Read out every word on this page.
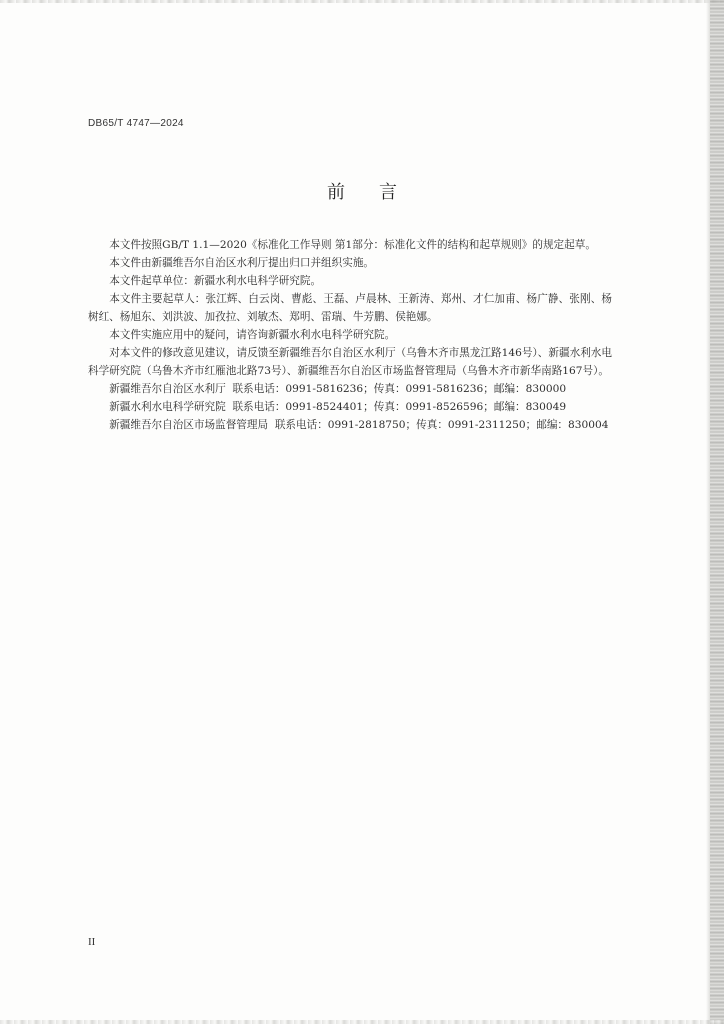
DB65/T 4747—2024
前言

本文件按照GB/T 1.1—2020《标准化工作导则 第1部分：标准化文件的结构和起草规则》的规定起草。

本文件由新疆维吾尔自治区水利厅提出归口并组织实施。

本文件起草单位：新疆水利水电科学研究院。

本文件主要起草人：张江辉、白云岗、曹彪、王磊、卢晨林、王新涛、郑州、才仁加甫、杨广静、张刚、杨树红、杨旭东、刘洪波、加孜拉、刘敏杰、郑明、雷瑞、牛芳鹏、侯艳娜。

本文件实施应用中的疑问，请咨询新疆水利水电科学研究院。

对本文件的修改意见建议，请反馈至新疆维吾尔自治区水利厅（乌鲁木齐市黑龙江路146号）、新疆水利水电科学研究院（乌鲁木齐市红雁池北路73号）、新疆维吾尔自治区市场监督管理局（乌鲁木齐市新华南路167号）。

新疆维吾尔自治区水利厅 联系电话：0991-5816236；传真：0991-5816236；邮编：830000
新疆水利水电科学研究院 联系电话：0991-8524401；传真：0991-8526596；邮编：830049
新疆维吾尔自治区市场监督管理局 联系电话：0991-2818750；传真：0991-2311250；邮编：830004
II
